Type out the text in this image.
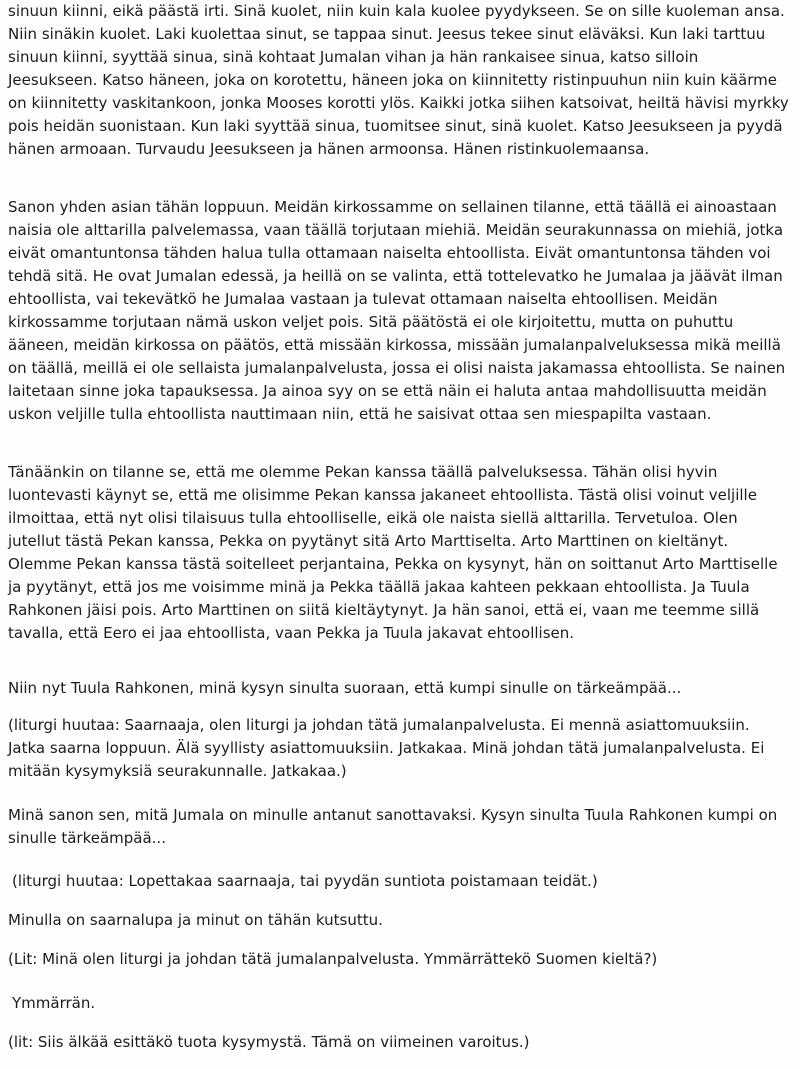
sinuun kiinni, eikä päästä irti. Sinä kuolet, niin kuin kala kuolee pyydykseen. Se on sille kuoleman ansa. Niin sinäkin kuolet. Laki kuolettaa sinut, se tappaa sinut. Jeesus tekee sinut eläväksi. Kun laki tarttuu sinuun kiinni, syyttää sinua, sinä kohtaat Jumalan vihan ja hän rankaisee sinua, katso silloin Jeesukseen. Katso häneen, joka on korotettu, häneen joka on kiinnitetty ristinpuuhun niin kuin käärme on kiinnitetty vaskitankoon, jonka Mooses korotti ylös. Kaikki jotka siihen katsoivat, heiltä hävisi myrkky pois heidän suonistaan. Kun laki syyttää sinua, tuomitsee sinut, sinä kuolet. Katso Jeesukseen ja pyydä hänen armoaan. Turvaudu Jeesukseen ja hänen armoonsa. Hänen ristinkuolemaansa.

Sanon yhden asian tähän loppuun. Meidän kirkossamme on sellainen tilanne, että täällä ei ainoastaan naisia ole alttarilla palvelemassa, vaan täällä torjutaan miehiä. Meidän seurakunnassa on miehiä, jotka eivät omantuntonsa tähden halua tulla ottamaan naiselta ehtoollista. Eivät omantuntonsa tähden voi tehdä sitä. He ovat Jumalan edessä, ja heillä on se valinta, että tottelevatko he Jumalaa ja jäävät ilman ehtoollista, vai tekevätkö he Jumalaa vastaan ja tulevat ottamaan naiselta ehtoollisen. Meidän kirkossamme torjutaan nämä uskon veljet pois. Sitä päätöstä ei ole kirjoitettu, mutta on puhuttu ääneen, meidän kirkossa on päätös, että missään kirkossa, missään jumalanpalveluksessa mikä meillä on täällä, meillä ei ole sellaista jumalanpalvelusta, jossa ei olisi naista jakamassa ehtoollista. Se nainen laitetaan sinne joka tapauksessa. Ja ainoa syy on se että näin ei haluta antaa mahdollisuutta meidän uskon veljille tulla ehtoollista nauttimaan niin, että he saisivat ottaa sen miespapilta vastaan.

Tänäänkin on tilanne se, että me olemme Pekan kanssa täällä palveluksessa. Tähän olisi hyvin luontevasti käynyt se, että me olisimme Pekan kanssa jakaneet ehtoollista. Tästä olisi voinut veljille ilmoittaa, että nyt olisi tilaisuus tulla ehtoolliselle, eikä ole naista siellä alttarilla. Tervetuloa. Olen jutellut tästä Pekan kanssa, Pekka on pyytänyt sitä Arto Marttiselta. Arto Marttinen on kieltänyt. Olemme Pekan kanssa tästä soitelleet perjantaina, Pekka on kysynyt, hän on soittanut Arto Marttiselle ja pyytänyt, että jos me voisimme minä ja Pekka täällä jakaa kahteen pekkaan ehtoollista. Ja Tuula Rahkonen jäisi pois. Arto Marttinen on siitä kieltäytynyt. Ja hän sanoi, että ei, vaan me teemme sillä tavalla, että Eero ei jaa ehtoollista, vaan Pekka ja Tuula jakavat ehtoollisen.

Niin nyt Tuula Rahkonen, minä kysyn sinulta suoraan, että kumpi sinulle on tärkeämpää...

(liturgi huutaa: Saarnaaja, olen liturgi ja johdan tätä jumalanpalvelusta. Ei mennä asiattomuuksiin. Jatka saarna loppuun. Älä syyllisty asiattomuuksiin. Jatkakaa. Minä johdan tätä jumalanpalvelusta. Ei mitään kysymyksiä seurakunnalle. Jatkakaa.)

Minä sanon sen, mitä Jumala on minulle antanut sanottavaksi. Kysyn sinulta Tuula Rahkonen kumpi on sinulle tärkeämpää...

(liturgi huutaa: Lopettakaa saarnaaja, tai pyydän suntiota poistamaan teidät.)

Minulla on saarnalupa ja minut on tähän kutsuttu.

(Lit: Minä olen liturgi ja johdan tätä jumalanpalvelusta. Ymmärrättekö Suomen kieltä?)

Ymmärrän.

(lit: Siis älkää esittäkö tuota kysymystä. Tämä on viimeinen varoitus.)
